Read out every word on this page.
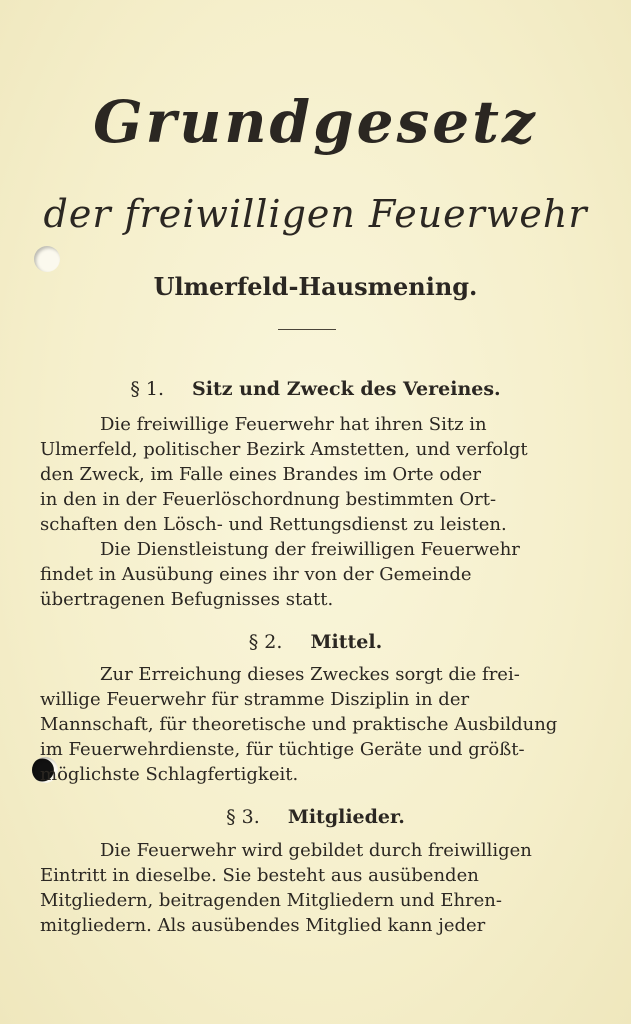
Grundgesetz
der freiwilligen Feuerwehr
Ulmerfeld-Hausmening.
§ 1. Sitz und Zweck des Vereines.
Die freiwillige Feuerwehr hat ihren Sitz in
Ulmerfeld, politischer Bezirk Amstetten, und verfolgt
den Zweck, im Falle eines Brandes im Orte oder
in den in der Feuerlöschordnung bestimmten Ort-
schaften den Lösch- und Rettungsdienst zu leisten.
Die Dienstleistung der freiwilligen Feuerwehr
findet in Ausübung eines ihr von der Gemeinde
übertragenen Befugnisses statt.
§ 2. Mittel.
Zur Erreichung dieses Zweckes sorgt die frei-
willige Feuerwehr für stramme Disziplin in der
Mannschaft, für theoretische und praktische Ausbildung
im Feuerwehrdienste, für tüchtige Geräte und größt-
möglichste Schlagfertigkeit.
§ 3. Mitglieder.
Die Feuerwehr wird gebildet durch freiwilligen
Eintritt in dieselbe. Sie besteht aus ausübenden
Mitgliedern, beitragenden Mitgliedern und Ehren-
mitgliedern. Als ausübendes Mitglied kann jeder
